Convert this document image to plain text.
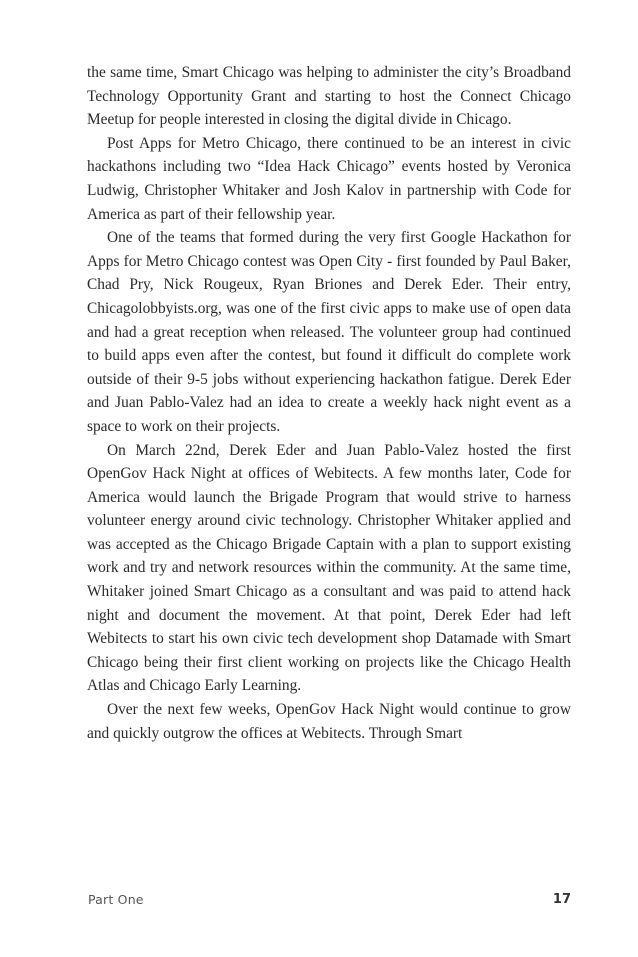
the same time, Smart Chicago was helping to administer the city’s Broadband Technology Opportunity Grant and starting to host the Connect Chicago Meetup for people interested in closing the digital divide in Chicago.

Post Apps for Metro Chicago, there continued to be an interest in civic hackathons including two “Idea Hack Chicago” events hosted by Veronica Ludwig, Christopher Whitaker and Josh Kalov in partnership with Code for America as part of their fellowship year.

One of the teams that formed during the very first Google Hackathon for Apps for Metro Chicago contest was Open City - first founded by Paul Baker, Chad Pry, Nick Rougeux, Ryan Briones and Derek Eder. Their entry, Chicagolobbyists.org, was one of the first civic apps to make use of open data and had a great reception when released. The volunteer group had continued to build apps even after the contest, but found it difficult do complete work outside of their 9-5 jobs without experiencing hackathon fatigue. Derek Eder and Juan Pablo-Valez had an idea to create a weekly hack night event as a space to work on their projects.

On March 22nd, Derek Eder and Juan Pablo-Valez hosted the first OpenGov Hack Night at offices of Webitects. A few months later, Code for America would launch the Brigade Program that would strive to harness volunteer energy around civic technology. Christopher Whitaker applied and was accepted as the Chicago Brigade Captain with a plan to support existing work and try and network resources within the community. At the same time, Whitaker joined Smart Chicago as a consultant and was paid to attend hack night and document the movement. At that point, Derek Eder had left Webitects to start his own civic tech development shop Datamade with Smart Chicago being their first client working on projects like the Chicago Health Atlas and Chicago Early Learning.

Over the next few weeks, OpenGov Hack Night would continue to grow and quickly outgrow the offices at Webitects. Through Smart

Part One	17
